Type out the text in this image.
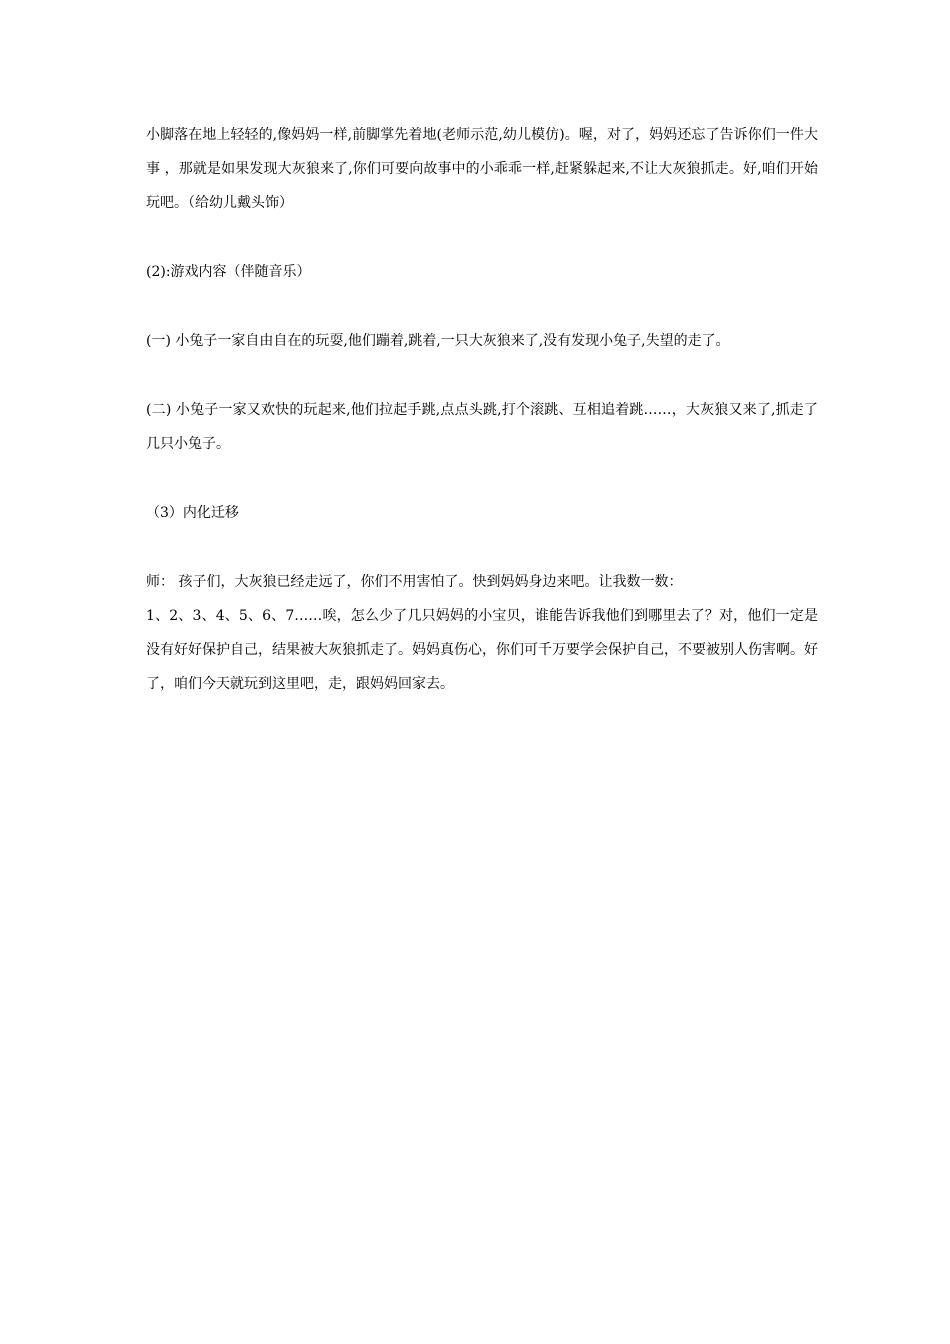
小脚落在地上轻轻的,像妈妈一样,前脚掌先着地(老师示范,幼儿模仿)。喔，对了，妈妈还忘了告诉你们一件大事 ，那就是如果发现大灰狼来了,你们可要向故事中的小乖乖一样,赶紧躲起来,不让大灰狼抓走。好,咱们开始玩吧。（给幼儿戴头饰）

(2):游戏内容（伴随音乐）

(一) 小兔子一家自由自在的玩耍,他们蹦着,跳着,一只大灰狼来了,没有发现小兔子,失望的走了。

(二) 小兔子一家又欢快的玩起来,他们拉起手跳,点点头跳,打个滚跳、互相追着跳……，大灰狼又来了,抓走了几只小兔子。

（3）内化迁移

师： 孩子们，大灰狼已经走远了，你们不用害怕了。快到妈妈身边来吧。让我数一数：

1、2、3、4、5、6、7……唉，怎么少了几只妈妈的小宝贝，谁能告诉我他们到哪里去了？对，他们一定是没有好好保护自己，结果被大灰狼抓走了。妈妈真伤心，你们可千万要学会保护自己，不要被别人伤害啊。好了，咱们今天就玩到这里吧，走，跟妈妈回家去。
